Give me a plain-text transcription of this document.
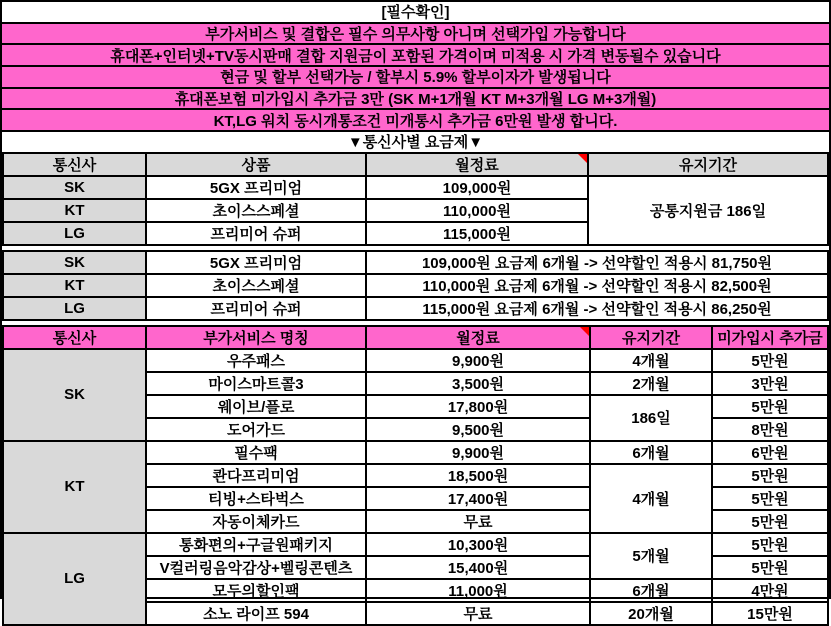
[필수확인]
부가서비스 및 결합은 필수 의무사항 아니며 선택가입 가능합니다
휴대폰+인터넷+TV동시판매 결합 지원금이 포함된 가격이며 미적용 시 가격 변동될수 있습니다
현금 및 할부 선택가능 / 할부시 5.9% 할부이자가 발생됩니다
휴대폰보험 미가입시 추가금 3만 (SK M+1개월 KT M+3개월 LG M+3개월)
KT,LG 워치 동시개통조건 미개통시 추가금 6만원 발생 합니다.
▼통신사별 요금제▼
통신사	상품	월정료	유지기간
SK	5GX 프리미엄	109,000원	공통지원금 186일
KT	초이스스페셜	110,000원	
LG	프리미어 슈퍼	115,000원	
SK	5GX 프리미엄	109,000원 요금제 6개월 -> 선약할인 적용시 81,750원
KT	초이스스페셜	110,000원 요금제 6개월 -> 선약할인 적용시 82,500원
LG	프리미어 슈퍼	115,000원 요금제 6개월 -> 선약할인 적용시 86,250원
통신사	부가서비스 명칭	월정료	유지기간	미가입시 추가금
SK	우주패스	9,900원	4개월	5만원
	마이스마트콜3	3,500원	2개월	3만원
	웨이브/플로	17,800원	186일	5만원
	도어가드	9,500원		8만원
KT	필수팩	9,900원	6개월	6만원
	콴다프리미엄	18,500원	4개월	5만원
	티빙+스타벅스	17,400원		5만원
	자동이체카드	무료		5만원
LG	통화편의+구글원패키지	10,300원	5개월	5만원
	V컬러링음악감상+벨링콘텐츠	15,400원		5만원
	모두의할인팩	11,000원	6개월	4만원
	소노 라이프 594	무료	20개월	15만원
